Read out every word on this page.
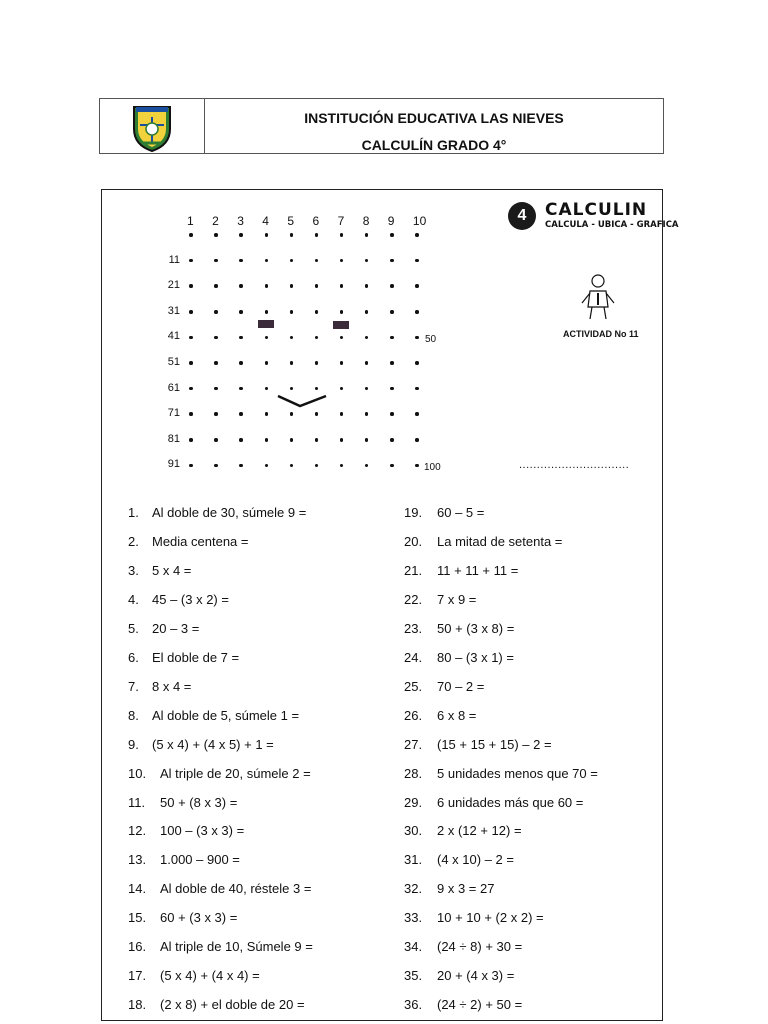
INSTITUCIÓN EDUCATIVA LAS NIEVES
CALCULÍN GRADO 4°
1 2 3 4 5 6 7 8 9 10
11
21
31
41
51
61
71
81
91
50
100
4	CALCULIN
CALCULA - UBICA - GRAFICA
ACTIVIDAD No 11
...............................
1. Al doble de 30, súmele 9 =
2. Media centena =
3. 5 x 4 =
4. 45 – (3 x 2) =
5. 20 – 3 =
6. El doble de 7 =
7. 8 x 4 =
8. Al doble de 5, súmele 1 =
9. (5 x 4) + (4 x 5) + 1 =
10. Al triple de 20, súmele 2 =
11. 50 + (8 x 3) =
12. 100 – (3 x 3) =
13. 1.000 – 900 =
14. Al doble de 40, réstele 3 =
15. 60 + (3 x 3) =
16. Al triple de 10, Súmele 9 =
17. (5 x 4) + (4 x 4) =
18. (2 x 8) + el doble de 20 =
19. 60 – 5 =
20. La mitad de setenta =
21. 11 + 11 + 11 =
22. 7 x 9 =
23. 50 + (3 x 8) =
24. 80 – (3 x 1) =
25. 70 – 2 =
26. 6 x 8 =
27. (15 + 15 + 15) – 2 =
28. 5 unidades menos que 70 =
29. 6 unidades más que 60 =
30. 2 x (12 + 12) =
31. (4 x 10) – 2 =
32. 9 x 3 = 27
33. 10 + 10 + (2 x 2) =
34. (24 ÷ 8) + 30 =
35. 20 + (4 x 3) =
36. (24 ÷ 2) + 50 =
